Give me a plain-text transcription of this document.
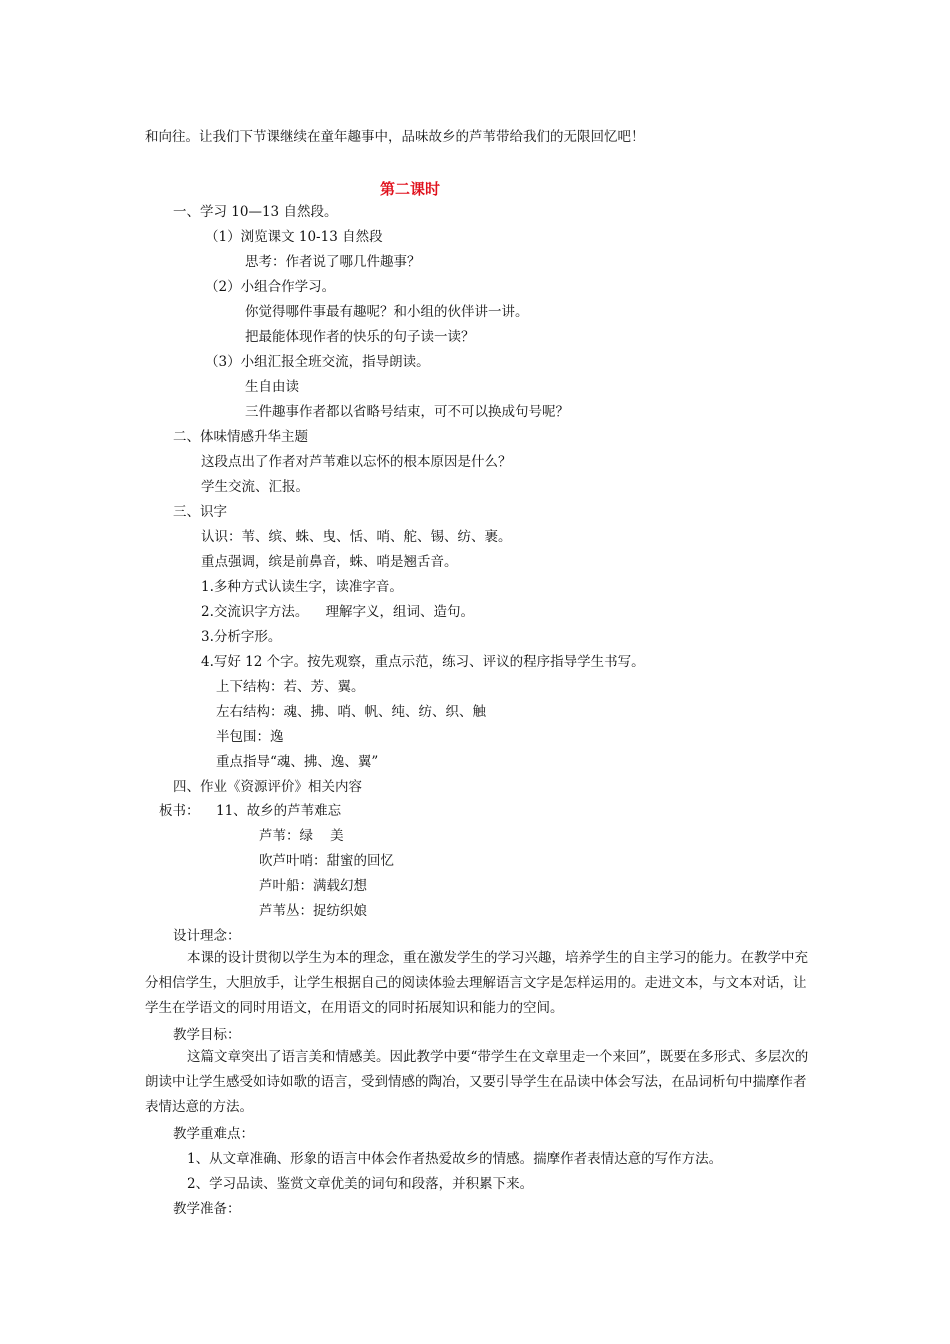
和向往。让我们下节课继续在童年趣事中，品味故乡的芦苇带给我们的无限回忆吧！
第二课时
一、学习 10—13 自然段。
（1）浏览课文 10-13 自然段
思考：作者说了哪几件趣事？
（2）小组合作学习。
你觉得哪件事最有趣呢？和小组的伙伴讲一讲。
把最能体现作者的快乐的句子读一读？
（3）小组汇报全班交流，指导朗读。
生自由读
三件趣事作者都以省略号结束，可不可以换成句号呢？
二、体味情感升华主题
这段点出了作者对芦苇难以忘怀的根本原因是什么？
学生交流、汇报。
三、识字
认识：苇、缤、蛛、曳、恬、哨、舵、锡、纺、裹。
重点强调，缤是前鼻音，蛛、哨是翘舌音。
1.多种方式认读生字，读准字音。
2.交流识字方法。    理解字义，组词、造句。
3.分析字形。
4.写好 12 个字。按先观察，重点示范，练习、评议的程序指导学生书写。
上下结构：若、芳、翼。
左右结构：魂、拂、哨、帆、纯、纺、织、触
半包围：逸
重点指导“魂、拂、逸、翼”
四、作业《资源评价》相关内容
板书： 11、故乡的芦苇难忘
芦苇：绿    美
吹芦叶哨：甜蜜的回忆
芦叶船：满载幻想
芦苇丛：捉纺织娘
设计理念：
本课的设计贯彻以学生为本的理念，重在激发学生的学习兴趣，培养学生的自主学习的能力。在教学中充分相信学生，大胆放手，让学生根据自己的阅读体验去理解语言文字是怎样运用的。走进文本，与文本对话，让学生在学语文的同时用语文，在用语文的同时拓展知识和能力的空间。
教学目标：
这篇文章突出了语言美和情感美。因此教学中要“带学生在文章里走一个来回”，既要在多形式、多层次的朗读中让学生感受如诗如歌的语言，受到情感的陶冶，又要引导学生在品读中体会写法，在品词析句中揣摩作者表情达意的方法。
教学重难点：
1、从文章准确、形象的语言中体会作者热爱故乡的情感。揣摩作者表情达意的写作方法。
2、学习品读、鉴赏文章优美的词句和段落，并积累下来。
教学准备：
